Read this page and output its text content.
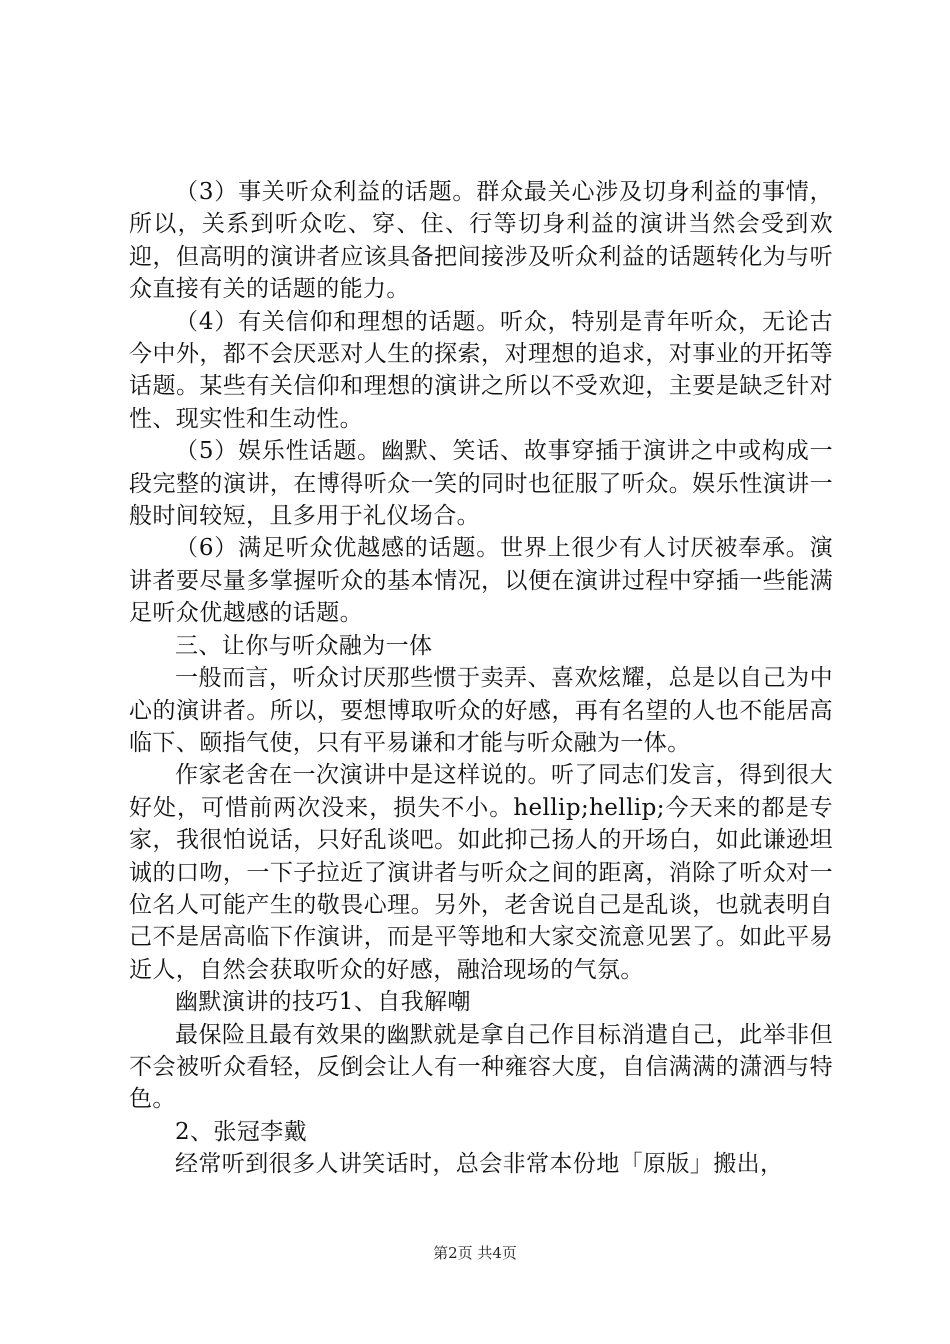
（3）事关听众利益的话题。群众最关心涉及切身利益的事情，所以，关系到听众吃、穿、住、行等切身利益的演讲当然会受到欢迎，但高明的演讲者应该具备把间接涉及听众利益的话题转化为与听众直接有关的话题的能力。

（4）有关信仰和理想的话题。听众，特别是青年听众，无论古今中外，都不会厌恶对人生的探索，对理想的追求，对事业的开拓等话题。某些有关信仰和理想的演讲之所以不受欢迎，主要是缺乏针对性、现实性和生动性。

（5）娱乐性话题。幽默、笑话、故事穿插于演讲之中或构成一段完整的演讲，在博得听众一笑的同时也征服了听众。娱乐性演讲一般时间较短，且多用于礼仪场合。

（6）满足听众优越感的话题。世界上很少有人讨厌被奉承。演讲者要尽量多掌握听众的基本情况，以便在演讲过程中穿插一些能满足听众优越感的话题。

三、让你与听众融为一体

一般而言，听众讨厌那些惯于卖弄、喜欢炫耀，总是以自己为中心的演讲者。所以，要想博取听众的好感，再有名望的人也不能居高临下、颐指气使，只有平易谦和才能与听众融为一体。

作家老舍在一次演讲中是这样说的。听了同志们发言，得到很大好处，可惜前两次没来，损失不小。hellip;hellip;今天来的都是专家，我很怕说话，只好乱谈吧。如此抑己扬人的开场白，如此谦逊坦诚的口吻，一下子拉近了演讲者与听众之间的距离，消除了听众对一位名人可能产生的敬畏心理。另外，老舍说自己是乱谈，也就表明自己不是居高临下作演讲，而是平等地和大家交流意见罢了。如此平易近人，自然会获取听众的好感，融洽现场的气氛。

幽默演讲的技巧1、自我解嘲

最保险且最有效果的幽默就是拿自己作目标消遣自己，此举非但不会被听众看轻，反倒会让人有一种雍容大度，自信满满的潇洒与特色。

2、张冠李戴

经常听到很多人讲笑话时，总会非常本份地「原版」搬出，

第2页 共4页
